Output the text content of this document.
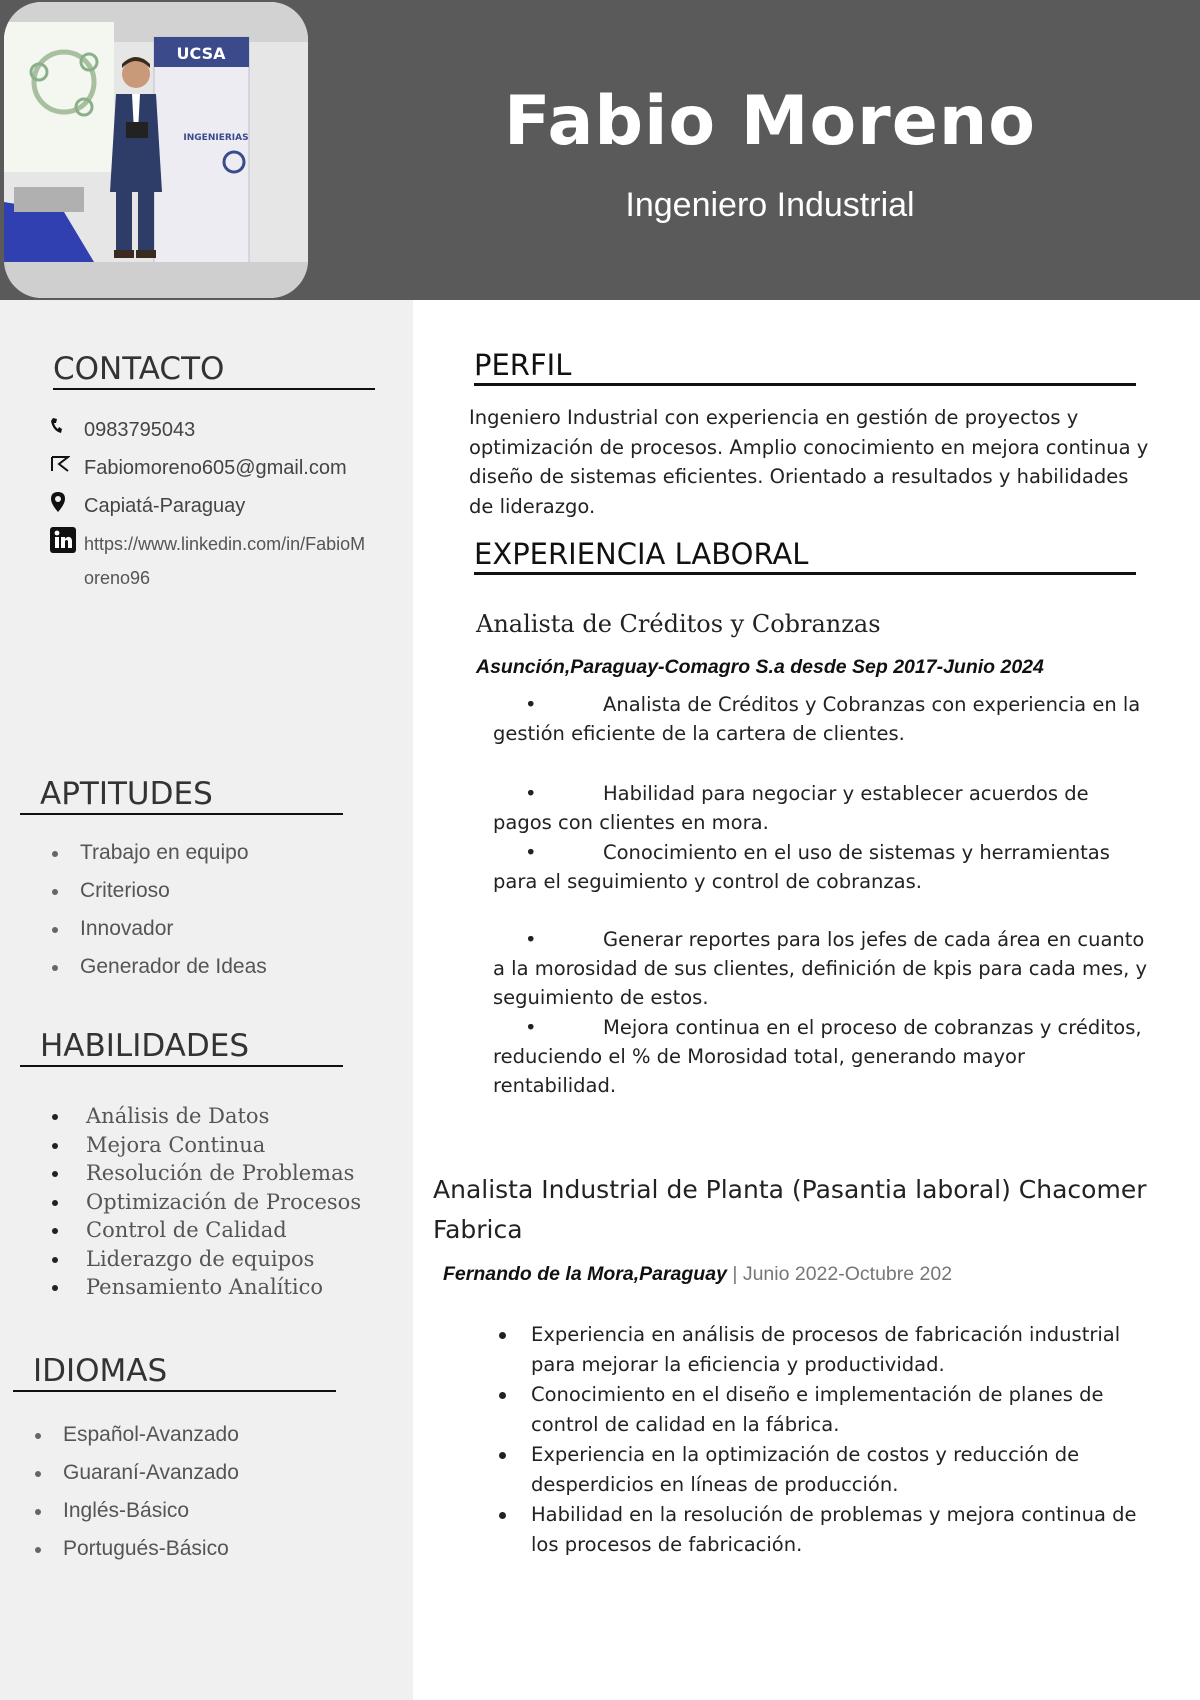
UCSA
INGENIERIAS	Fabio Moreno
Ingeniero Industrial
CONTACTO
0983795043
Fabiomoreno605@gmail.com
Capiatá-Paraguay
https://www.linkedin.com/in/FabioMoreno96
APTITUDES
Trabajo en equipo
Criterioso
Innovador
Generador de Ideas
HABILIDADES
Análisis de Datos
Mejora Continua
Resolución de Problemas
Optimización de Procesos
Control de Calidad
Liderazgo de equipos
Pensamiento Analítico
IDIOMAS
Español-Avanzado
Guaraní-Avanzado
Inglés-Básico
Portugués-Básico
PERFIL
Ingeniero Industrial con experiencia en gestión de proyectos y optimización de procesos. Amplio conocimiento en mejora continua y diseño de sistemas eficientes. Orientado a resultados y habilidades de liderazgo.
EXPERIENCIA LABORAL
Analista de Créditos y Cobranzas
Asunción,Paraguay-Comagro S.a desde Sep 2017-Junio 2024
•Analista de Créditos y Cobranzas con experiencia en la gestión eficiente de la cartera de clientes.
•Habilidad para negociar y establecer acuerdos de pagos con clientes en mora.
•Conocimiento en el uso de sistemas y herramientas para el seguimiento y control de cobranzas.
•Generar reportes para los jefes de cada área en cuanto a la morosidad de sus clientes, definición de kpis para cada mes, y seguimiento de estos.
•Mejora continua en el proceso de cobranzas y créditos, reduciendo el % de Morosidad total, generando mayor rentabilidad.
Analista Industrial de Planta (Pasantia laboral) Chacomer Fabrica
Fernando de la Mora,Paraguay | Junio 2022-Octubre 202
Experiencia en análisis de procesos de fabricación industrial para mejorar la eficiencia y productividad.
Conocimiento en el diseño e implementación de planes de control de calidad en la fábrica.
Experiencia en la optimización de costos y reducción de desperdicios en líneas de producción.
Habilidad en la resolución de problemas y mejora continua de los procesos de fabricación.
